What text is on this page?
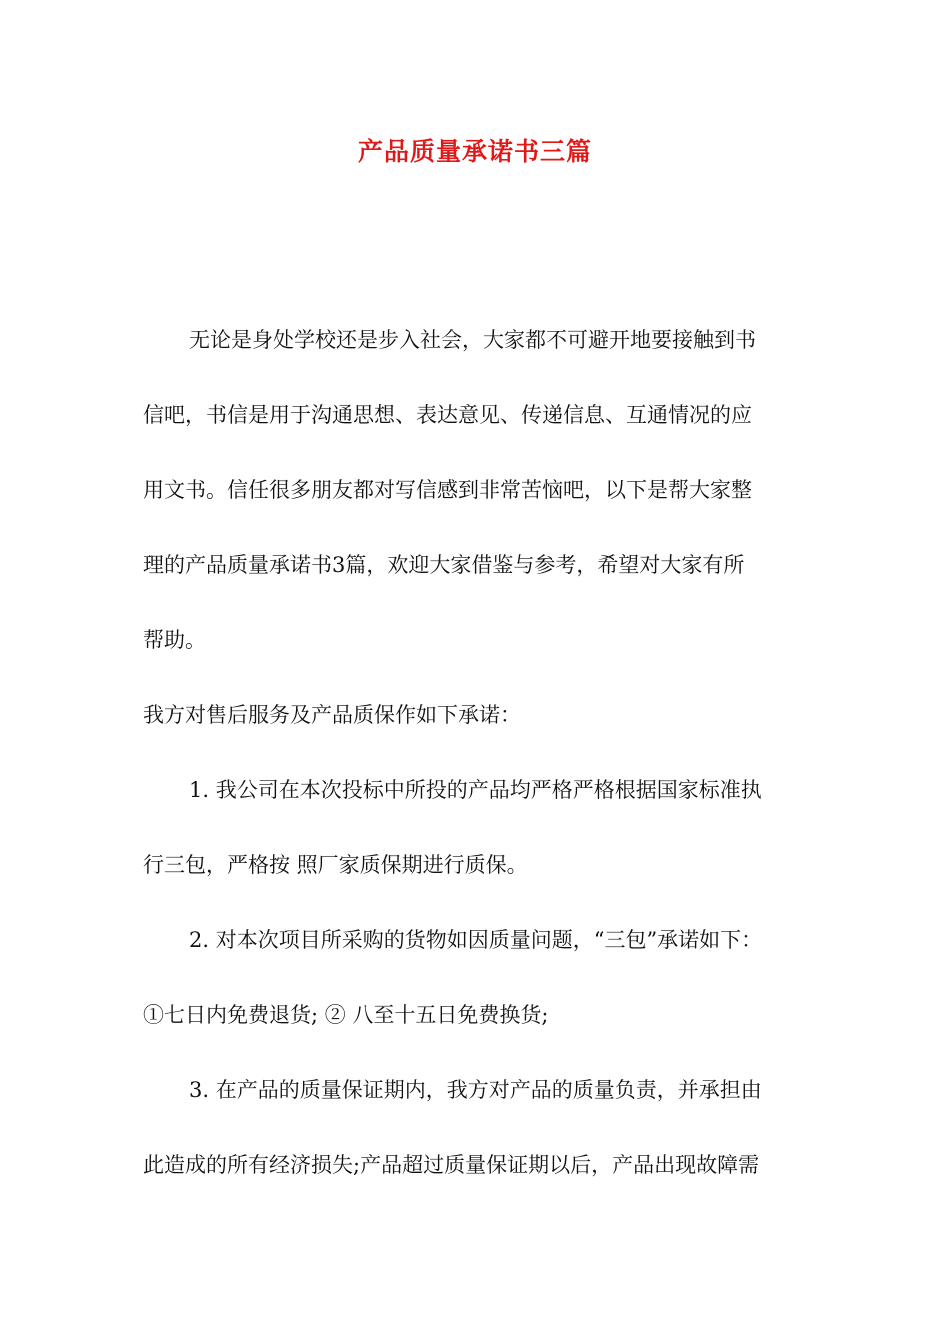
产品质量承诺书三篇
无论是身处学校还是步入社会，大家都不可避开地要接触到书
信吧，书信是用于沟通思想、表达意见、传递信息、互通情况的应
用文书。信任很多朋友都对写信感到非常苦恼吧，以下是帮大家整
理的产品质量承诺书3篇，欢迎大家借鉴与参考，希望对大家有所
帮助。
我方对售后服务及产品质保作如下承诺：
1. 我公司在本次投标中所投的产品均严格严格根据国家标准执
行三包，严格按 照厂家质保期进行质保。
2. 对本次项目所采购的货物如因质量问题，“三包”承诺如下：
①七日内免费退货; ② 八至十五日免费换货;
3. 在产品的质量保证期内，我方对产品的质量负责，并承担由
此造成的所有经济损失;产品超过质量保证期以后，产品出现故障需
